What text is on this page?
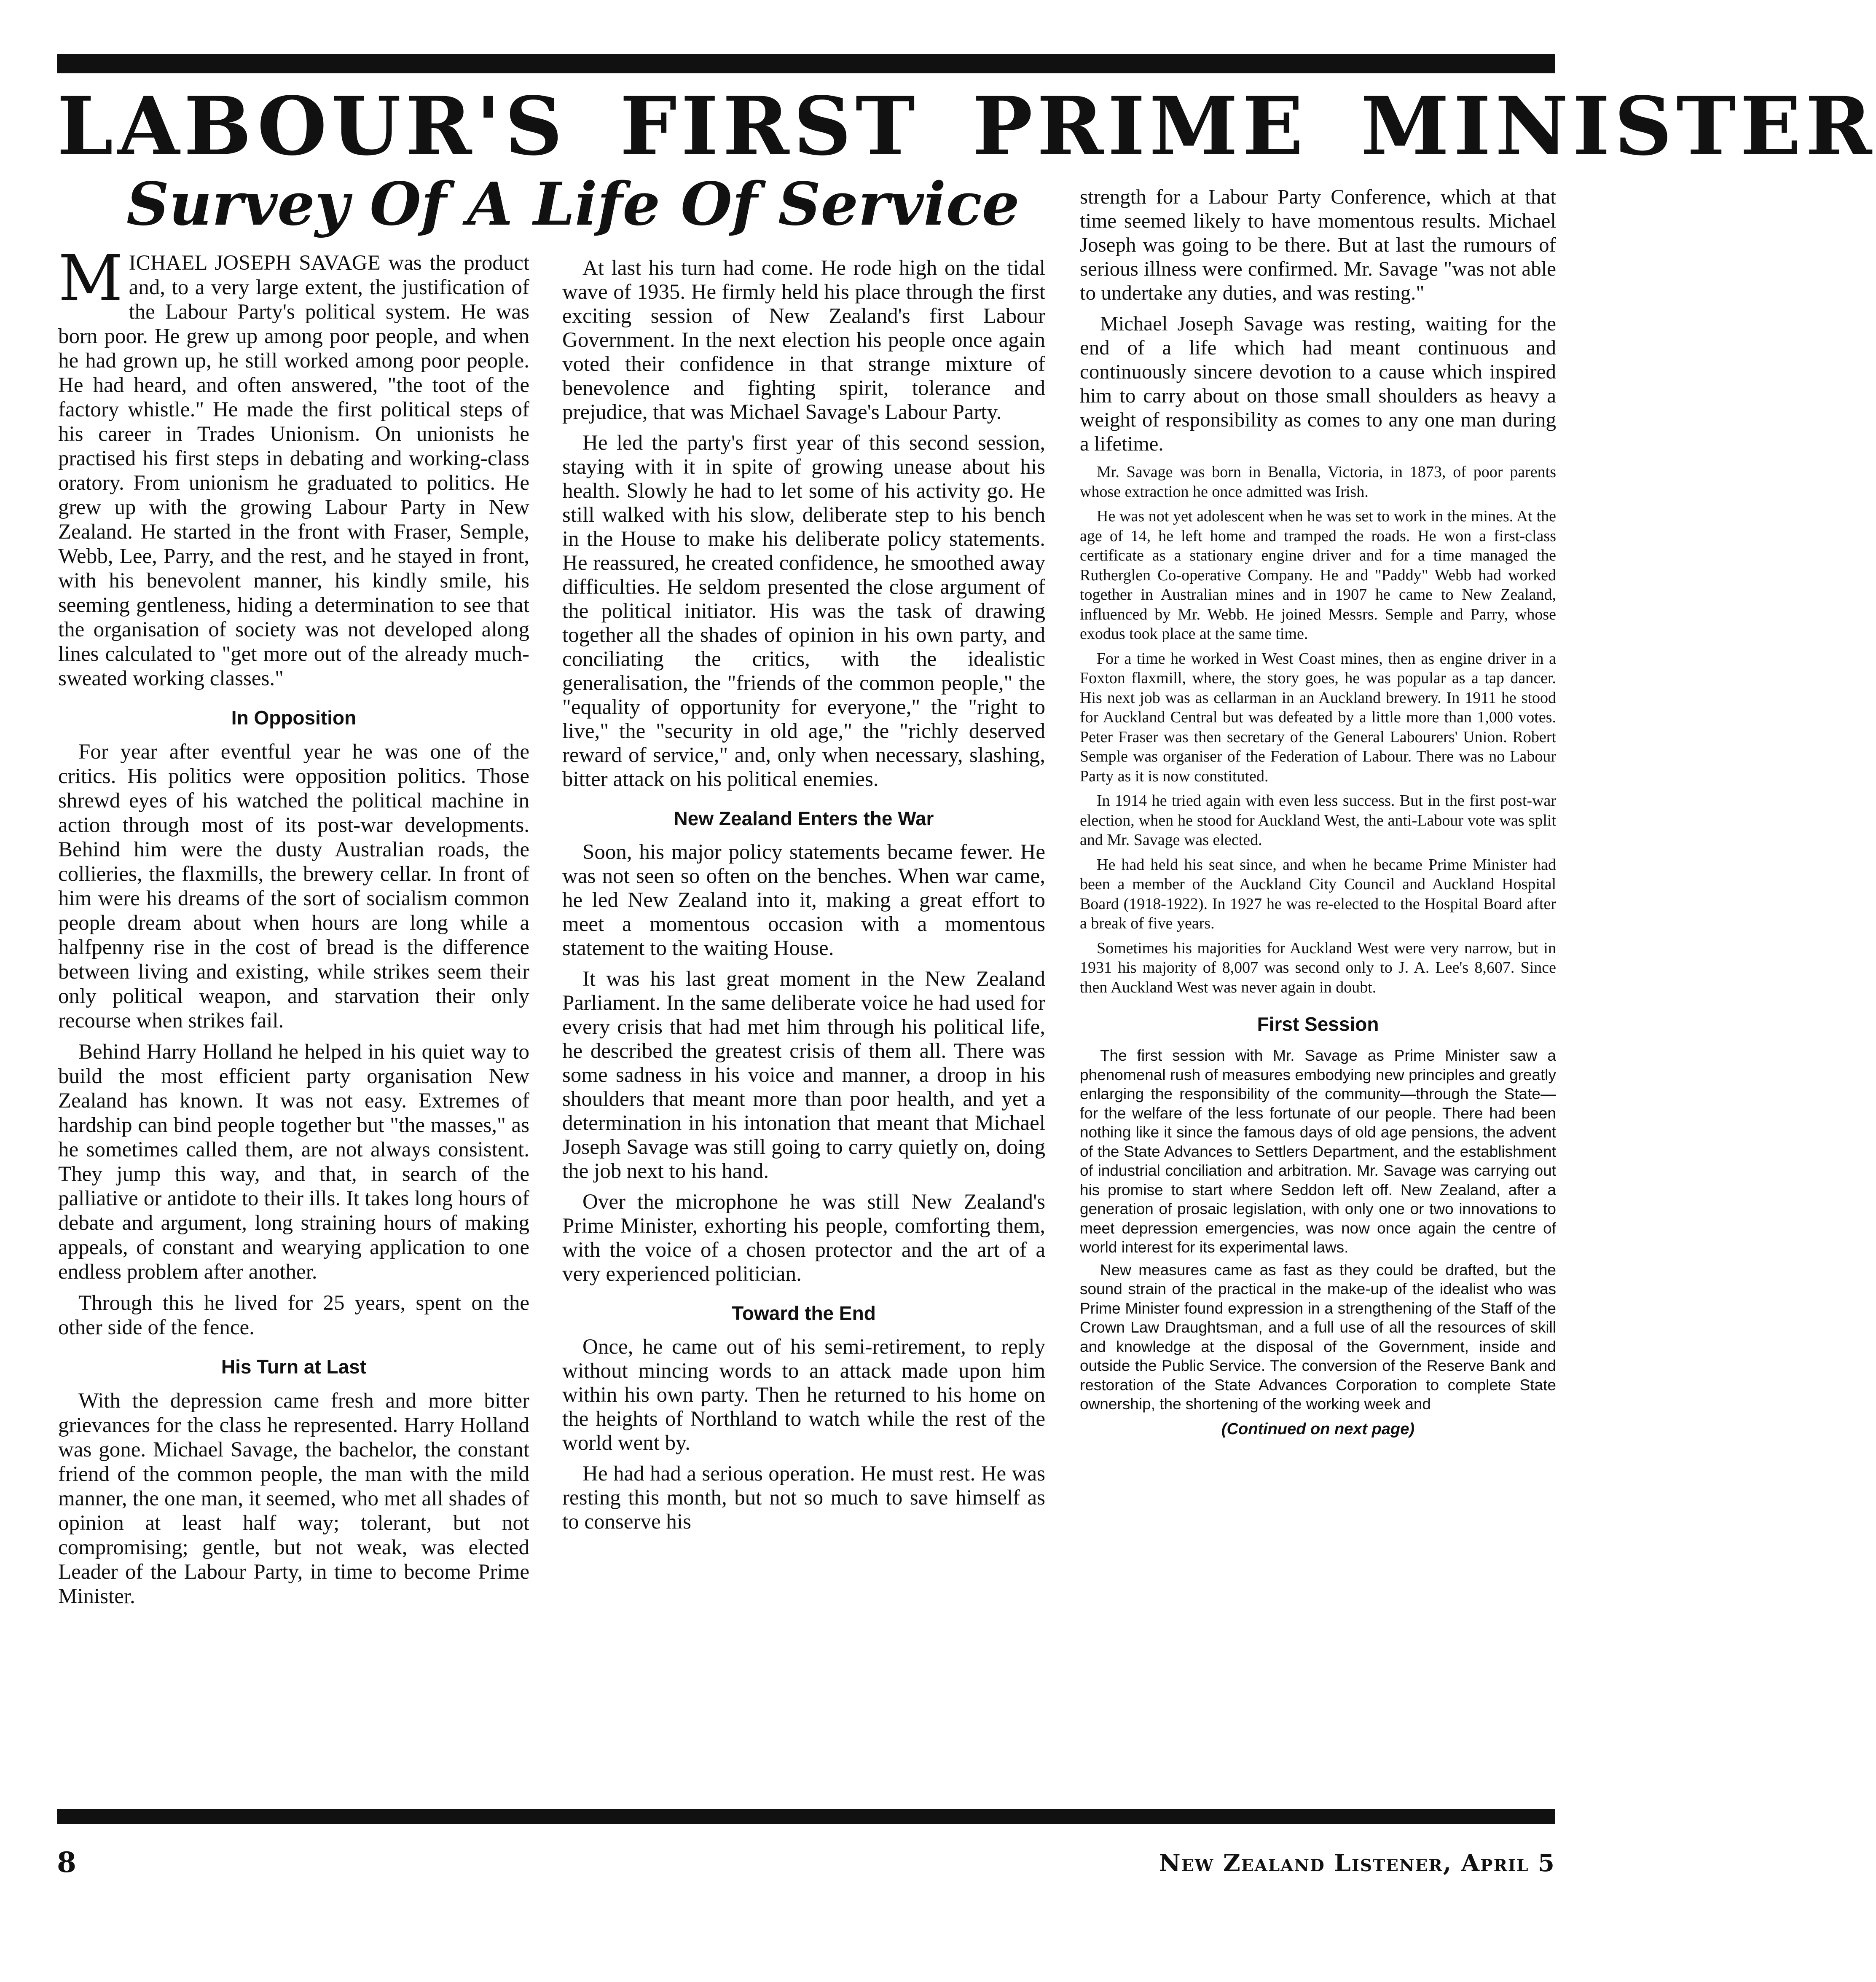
LABOUR'S FIRST PRIME MINISTER
Survey Of A Life Of Service

MICHAEL JOSEPH SAVAGE was the product and, to a very large extent, the justification of the Labour Party's political system. He was born poor. He grew up among poor people, and when he had grown up, he still worked among poor people. He had heard, and often answered, "the toot of the factory whistle." He made the first political steps of his career in Trades Unionism. On unionists he practised his first steps in debating and working-class oratory. From unionism he graduated to politics. He grew up with the growing Labour Party in New Zealand. He started in the front with Fraser, Semple, Webb, Lee, Parry, and the rest, and he stayed in front, with his benevolent manner, his kindly smile, his seeming gentleness, hiding a determination to see that the organisation of society was not developed along lines calculated to "get more out of the already much-sweated working classes."

In Opposition

For year after eventful year he was one of the critics. His politics were opposition politics. Those shrewd eyes of his watched the political machine in action through most of its post-war developments. Behind him were the dusty Australian roads, the collieries, the flaxmills, the brewery cellar. In front of him were his dreams of the sort of socialism common people dream about when hours are long while a halfpenny rise in the cost of bread is the difference between living and existing, while strikes seem their only political weapon, and starvation their only recourse when strikes fail.

Behind Harry Holland he helped in his quiet way to build the most efficient party organisation New Zealand has known. It was not easy. Extremes of hardship can bind people together but "the masses," as he sometimes called them, are not always consistent. They jump this way, and that, in search of the palliative or antidote to their ills. It takes long hours of debate and argument, long straining hours of making appeals, of constant and wearying application to one endless problem after another.

Through this he lived for 25 years, spent on the other side of the fence.

His Turn at Last

With the depression came fresh and more bitter grievances for the class he represented. Harry Holland was gone. Michael Savage, the bachelor, the constant friend of the common people, the man with the mild manner, the one man, it seemed, who met all shades of opinion at least half way; tolerant, but not compromising; gentle, but not weak, was elected Leader of the Labour Party, in time to become Prime Minister.

At last his turn had come. He rode high on the tidal wave of 1935. He firmly held his place through the first exciting session of New Zealand's first Labour Government. In the next election his people once again voted their confidence in that strange mixture of benevolence and fighting spirit, tolerance and prejudice, that was Michael Savage's Labour Party.

He led the party's first year of this second session, staying with it in spite of growing unease about his health. Slowly he had to let some of his activity go. He still walked with his slow, deliberate step to his bench in the House to make his deliberate policy statements. He reassured, he created confidence, he smoothed away difficulties. He seldom presented the close argument of the political initiator. His was the task of drawing together all the shades of opinion in his own party, and conciliating the critics, with the idealistic generalisation, the "friends of the common people," the "equality of opportunity for everyone," the "right to live," the "security in old age," the "richly deserved reward of service," and, only when necessary, slashing, bitter attack on his political enemies.

New Zealand Enters the War

Soon, his major policy statements became fewer. He was not seen so often on the benches. When war came, he led New Zealand into it, making a great effort to meet a momentous occasion with a momentous statement to the waiting House.

It was his last great moment in the New Zealand Parliament. In the same deliberate voice he had used for every crisis that had met him through his political life, he described the greatest crisis of them all. There was some sadness in his voice and manner, a droop in his shoulders that meant more than poor health, and yet a determination in his intonation that meant that Michael Joseph Savage was still going to carry quietly on, doing the job next to his hand.

Over the microphone he was still New Zealand's Prime Minister, exhorting his people, comforting them, with the voice of a chosen protector and the art of a very experienced politician.

Toward the End

Once, he came out of his semi-retirement, to reply without mincing words to an attack made upon him within his own party. Then he returned to his home on the heights of Northland to watch while the rest of the world went by.

He had had a serious operation. He must rest. He was resting this month, but not so much to save himself as to conserve his

strength for a Labour Party Conference, which at that time seemed likely to have momentous results. Michael Joseph was going to be there. But at last the rumours of serious illness were confirmed. Mr. Savage "was not able to undertake any duties, and was resting."

Michael Joseph Savage was resting, waiting for the end of a life which had meant continuous and continuously sincere devotion to a cause which inspired him to carry about on those small shoulders as heavy a weight of responsibility as comes to any one man during a lifetime.

Mr. Savage was born in Benalla, Victoria, in 1873, of poor parents whose extraction he once admitted was Irish.

He was not yet adolescent when he was set to work in the mines. At the age of 14, he left home and tramped the roads. He won a first-class certificate as a stationary engine driver and for a time managed the Rutherglen Co-operative Company. He and "Paddy" Webb had worked together in Australian mines and in 1907 he came to New Zealand, influenced by Mr. Webb. He joined Messrs. Semple and Parry, whose exodus took place at the same time.

For a time he worked in West Coast mines, then as engine driver in a Foxton flaxmill, where, the story goes, he was popular as a tap dancer. His next job was as cellarman in an Auckland brewery. In 1911 he stood for Auckland Central but was defeated by a little more than 1,000 votes. Peter Fraser was then secretary of the General Labourers' Union. Robert Semple was organiser of the Federation of Labour. There was no Labour Party as it is now constituted.

In 1914 he tried again with even less success. But in the first post-war election, when he stood for Auckland West, the anti-Labour vote was split and Mr. Savage was elected.

He had held his seat since, and when he became Prime Minister had been a member of the Auckland City Council and Auckland Hospital Board (1918-1922). In 1927 he was re-elected to the Hospital Board after a break of five years.

Sometimes his majorities for Auckland West were very narrow, but in 1931 his majority of 8,007 was second only to J. A. Lee's 8,607. Since then Auckland West was never again in doubt.

First Session

The first session with Mr. Savage as Prime Minister saw a phenomenal rush of measures embodying new principles and greatly enlarging the responsibility of the community—through the State—for the welfare of the less fortunate of our people. There had been nothing like it since the famous days of old age pensions, the advent of the State Advances to Settlers Department, and the establishment of industrial conciliation and arbitration. Mr. Savage was carrying out his promise to start where Seddon left off. New Zealand, after a generation of prosaic legislation, with only one or two innovations to meet depression emergencies, was now once again the centre of world interest for its experimental laws.

New measures came as fast as they could be drafted, but the sound strain of the practical in the make-up of the idealist who was Prime Minister found expression in a strengthening of the Staff of the Crown Law Draughtsman, and a full use of all the resources of skill and knowledge at the disposal of the Government, inside and outside the Public Service. The conversion of the Reserve Bank and restoration of the State Advances Corporation to complete State ownership, the shortening of the working week and

(Continued on next page)
8	New Zealand Listener, April 5
